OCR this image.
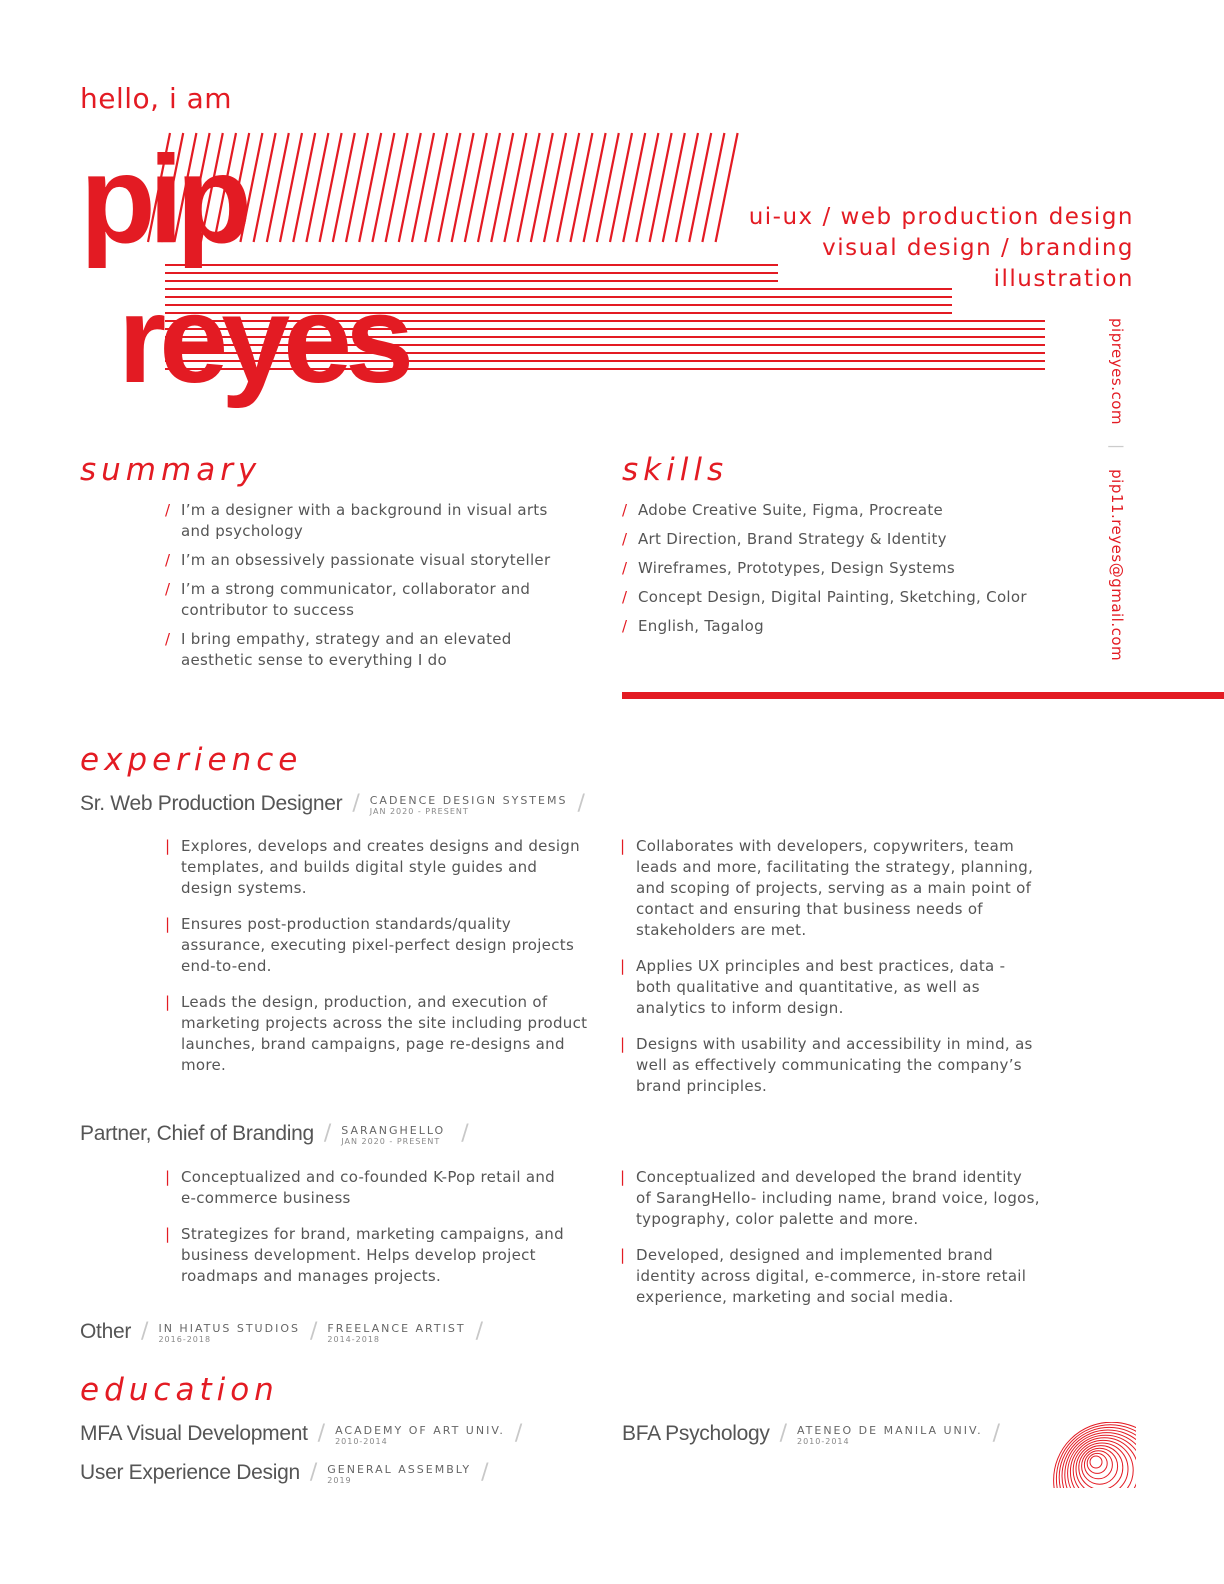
hello, i am
pip
reyes
ui-ux / web production design
visual design / branding
illustration
pipreyes.com | pip11.reyes@gmail.com
summary
/ I’m a designer with a background in visual arts and psychology
/ I’m an obsessively passionate visual storyteller
/ I’m a strong communicator, collaborator and contributor to success
/ I bring empathy, strategy and an elevated aesthetic sense to everything I do
skills
/ Adobe Creative Suite, Figma, Procreate
/ Art Direction, Brand Strategy & Identity
/ Wireframes, Prototypes, Design Systems
/ Concept Design, Digital Painting, Sketching, Color
/ English, Tagalog
experience
Sr. Web Production Designer / CADENCE DESIGN SYSTEMS
JAN 2020 - PRESENT	/
| Explores, develops and creates designs and design templates, and builds digital style guides and design systems.
| Ensures post-production standards/quality assurance, executing pixel-perfect design projects end-to-end.
| Leads the design, production, and execution of marketing projects across the site including product launches, brand campaigns, page re-designs and more.
| Collaborates with developers, copywriters, team leads and more, facilitating the strategy, planning, and scoping of projects, serving as a main point of contact and ensuring that business needs of stakeholders are met.
| Applies UX principles and best practices, data - both qualitative and quantitative, as well as analytics to inform design.
| Designs with usability and accessibility in mind, as well as effectively communicating the company’s brand principles.
Partner, Chief of Branding / SARANGHELLO
JAN 2020 - PRESENT /
| Conceptualized and co-founded K-Pop retail and e-commerce business
| Strategizes for brand, marketing campaigns, and business development. Helps develop project roadmaps and manages projects.
| Conceptualized and developed the brand identity of SarangHello- including name, brand voice, logos, typography, color palette and more.
| Developed, designed and implemented brand identity across digital, e-commerce, in-store retail experience, marketing and social media.
Other / IN HIATUS STUDIOS
2016-2018	/ FREELANCE ARTIST
2014-2018	/
education
MFA Visual Development / ACADEMY OF ART UNIV.
2010-2014	/
User Experience Design / GENERAL ASSEMBLY
2019	/
BFA Psychology / ATENEO DE MANILA UNIV.
2010-2014	/
